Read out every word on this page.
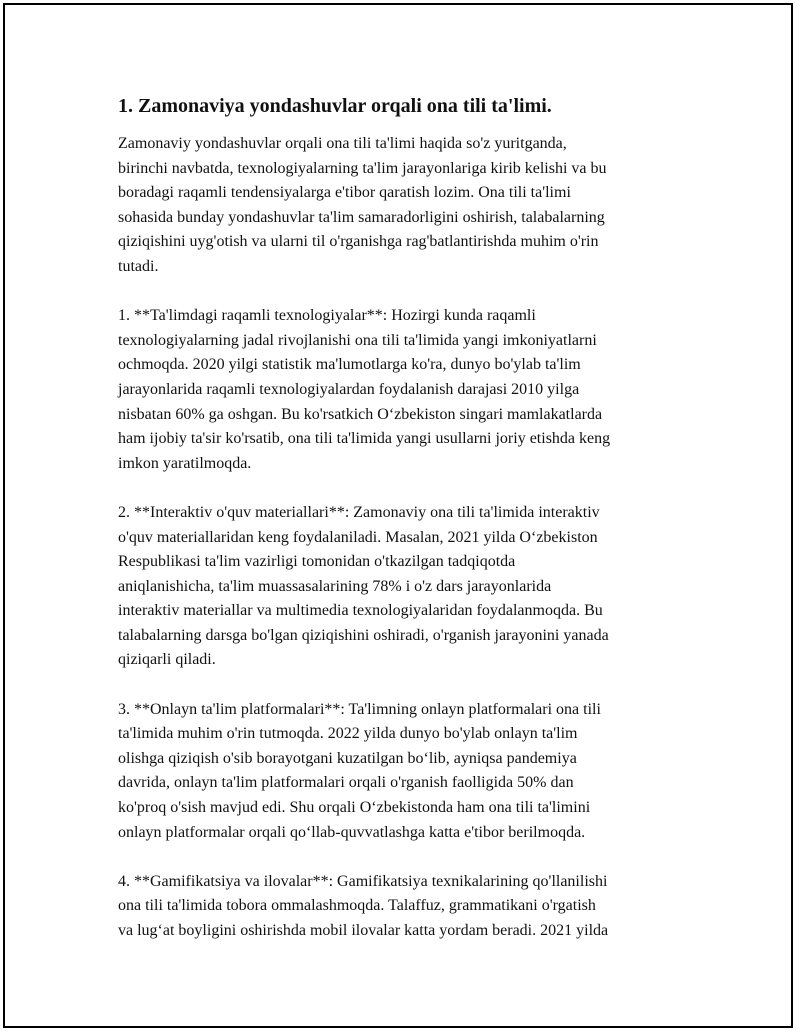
1. Zamonaviya yondashuvlar orqali ona tili ta'limi.

Zamonaviy yondashuvlar orqali ona tili ta'limi haqida so'z yuritganda,
birinchi navbatda, texnologiyalarning ta'lim jarayonlariga kirib kelishi va bu
boradagi raqamli tendensiyalarga e'tibor qaratish lozim. Ona tili ta'limi
sohasida bunday yondashuvlar ta'lim samaradorligini oshirish, talabalarning
qiziqishini uyg'otish va ularni til o'rganishga rag'batlantirishda muhim o'rin
tutadi.

1. **Ta'limdagi raqamli texnologiyalar**: Hozirgi kunda raqamli
texnologiyalarning jadal rivojlanishi ona tili ta'limida yangi imkoniyatlarni
ochmoqda. 2020 yilgi statistik ma'lumotlarga ko'ra, dunyo bo'ylab ta'lim
jarayonlarida raqamli texnologiyalardan foydalanish darajasi 2010 yilga
nisbatan 60% ga oshgan. Bu ko'rsatkich O‘zbekiston singari mamlakatlarda
ham ijobiy ta'sir ko'rsatib, ona tili ta'limida yangi usullarni joriy etishda keng
imkon yaratilmoqda.

2. **Interaktiv o'quv materiallari**: Zamonaviy ona tili ta'limida interaktiv
o'quv materiallaridan keng foydalaniladi. Masalan, 2021 yilda O‘zbekiston
Respublikasi ta'lim vazirligi tomonidan o'tkazilgan tadqiqotda
aniqlanishicha, ta'lim muassasalarining 78% i o'z dars jarayonlarida
interaktiv materiallar va multimedia texnologiyalaridan foydalanmoqda. Bu
talabalarning darsga bo'lgan qiziqishini oshiradi, o'rganish jarayonini yanada
qiziqarli qiladi.

3. **Onlayn ta'lim platformalari**: Ta'limning onlayn platformalari ona tili
ta'limida muhim o'rin tutmoqda. 2022 yilda dunyo bo'ylab onlayn ta'lim
olishga qiziqish o'sib borayotgani kuzatilgan bo‘lib, ayniqsa pandemiya
davrida, onlayn ta'lim platformalari orqali o'rganish faolligida 50% dan
ko'proq o'sish mavjud edi. Shu orqali O‘zbekistonda ham ona tili ta'limini
onlayn platformalar orqali qo‘llab-quvvatlashga katta e'tibor berilmoqda.

4. **Gamifikatsiya va ilovalar**: Gamifikatsiya texnikalarining qo'llanilishi
ona tili ta'limida tobora ommalashmoqda. Talaffuz, grammatikani o'rgatish
va lug‘at boyligini oshirishda mobil ilovalar katta yordam beradi. 2021 yilda
